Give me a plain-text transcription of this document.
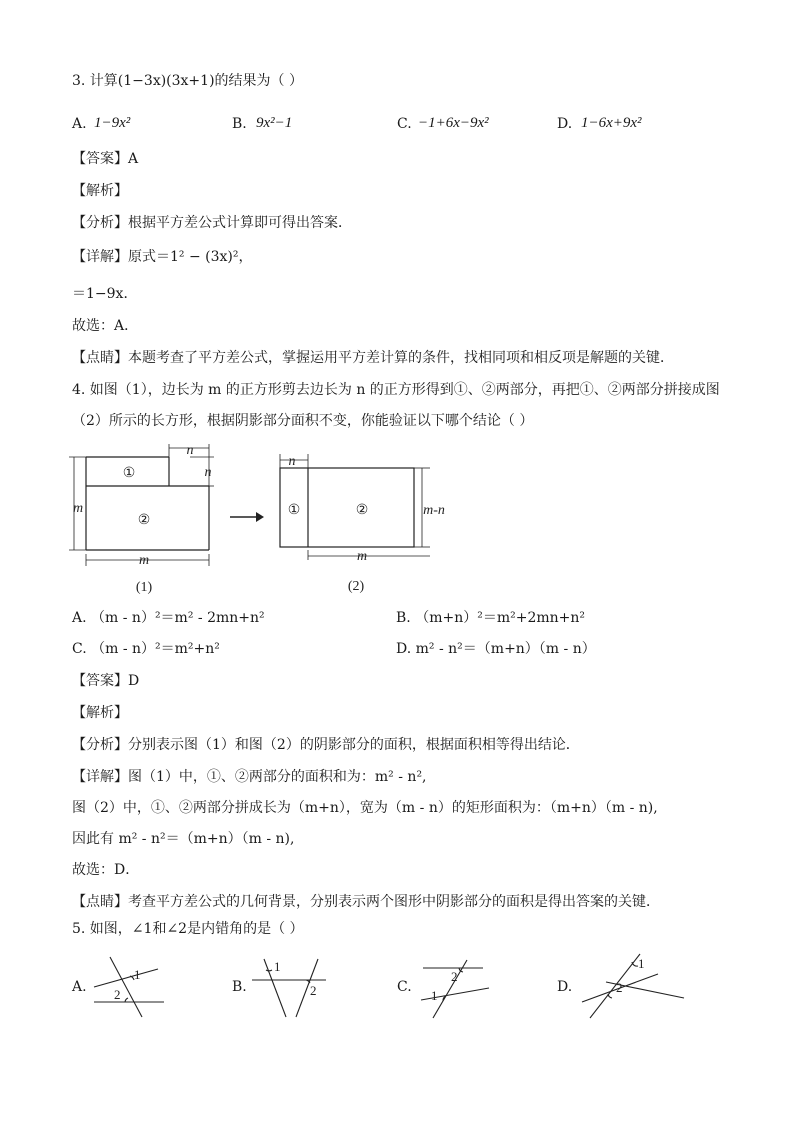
3. 计算(1−3x)(3x+1)的结果为（ ）
A. 1−9x²	B. 9x²−1	C. −1+6x−9x²	D. 1−6x+9x²
【答案】A
【解析】
【分析】根据平方差公式计算即可得出答案．
【详解】原式＝1² − (3x)²，
＝1−9x．
故选：A．
【点睛】本题考查了平方差公式，掌握运用平方差计算的条件，找相同项和相反项是解题的关键．
4. 如图（1），边长为 m 的正方形剪去边长为 n 的正方形得到①、②两部分，再把①、②两部分拼接成图
（2）所示的长方形，根据阴影部分面积不变，你能验证以下哪个结论（ ）
①
②
m
m
n
n
(1)
n
①	②
m
m-n
(2)
A. （m - n）²＝m² - 2mn+n²	B. （m+n）²＝m²+2mn+n²
C. （m - n）²＝m²+n²	D. m² - n²＝（m+n）（m - n）
【答案】D
【解析】
【分析】分别表示图（1）和图（2）的阴影部分的面积，根据面积相等得出结论．
【详解】图（1）中，①、②两部分的面积和为：m² - n²,
图（2）中，①、②两部分拼成长为（m+n），宽为（m - n）的矩形面积为：（m+n）（m - n),
因此有 m² - n²＝（m+n）（m - n),
故选：D．
【点睛】考查平方差公式的几何背景，分别表示两个图形中阴影部分的面积是得出答案的关键．
5. 如图，∠1和∠2是内错角的是（ ）
A.
1
2	B.
1
2	C.
2
1
D.
1
2
